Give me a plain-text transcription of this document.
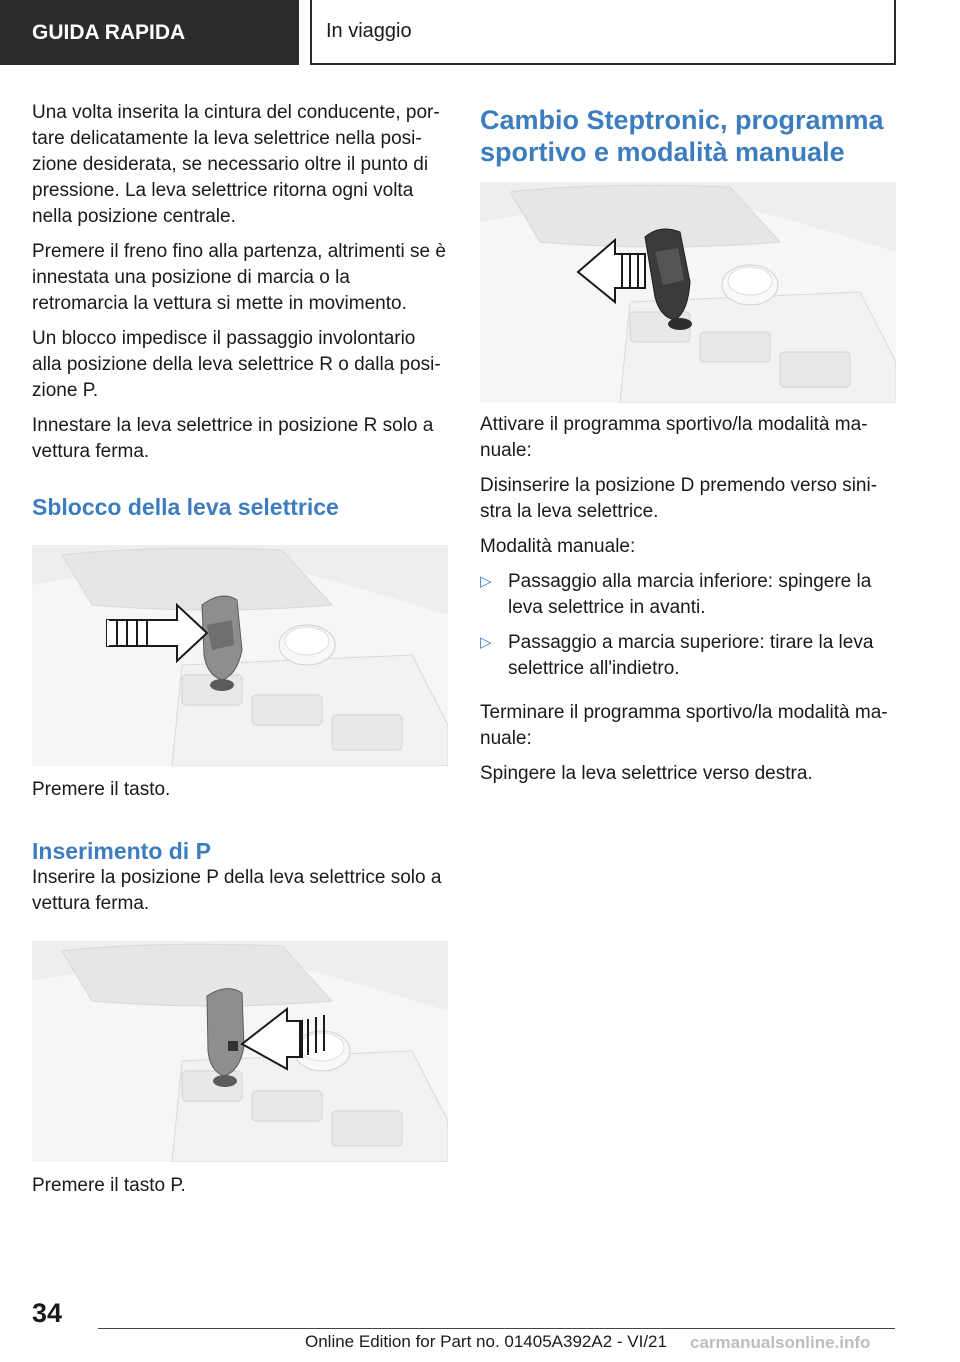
GUIDA RAPIDA	In viaggio

Una volta inserita la cintura del conducente, por-tare delicatamente la leva selettrice nella posi-zione desiderata, se necessario oltre il punto di pressione. La leva selettrice ritorna ogni volta nella posizione centrale.

Premere il freno fino alla partenza, altrimenti se è innestata una posizione di marcia o la retromarcia la vettura si mette in movimento.

Un blocco impedisce il passaggio involontario alla posizione della leva selettrice R o dalla posi-zione P.

Innestare la leva selettrice in posizione R solo a vettura ferma.

Sblocco della leva selettrice

Premere il tasto.

Inserimento di P

Inserire la posizione P della leva selettrice solo a vettura ferma.

Premere il tasto P.

Cambio Steptronic, programma sportivo e modalità manuale

Attivare il programma sportivo/la modalità ma-nuale:

Disinserire la posizione D premendo verso sini-stra la leva selettrice.

Modalità manuale:

▷ Passaggio alla marcia inferiore: spingere la leva selettrice in avanti.
▷ Passaggio a marcia superiore: tirare la leva selettrice all'indietro.

Terminare il programma sportivo/la modalità ma-nuale:

Spingere la leva selettrice verso destra.

34
Online Edition for Part no. 01405A392A2 - VI/21 carmanualsonline.info
